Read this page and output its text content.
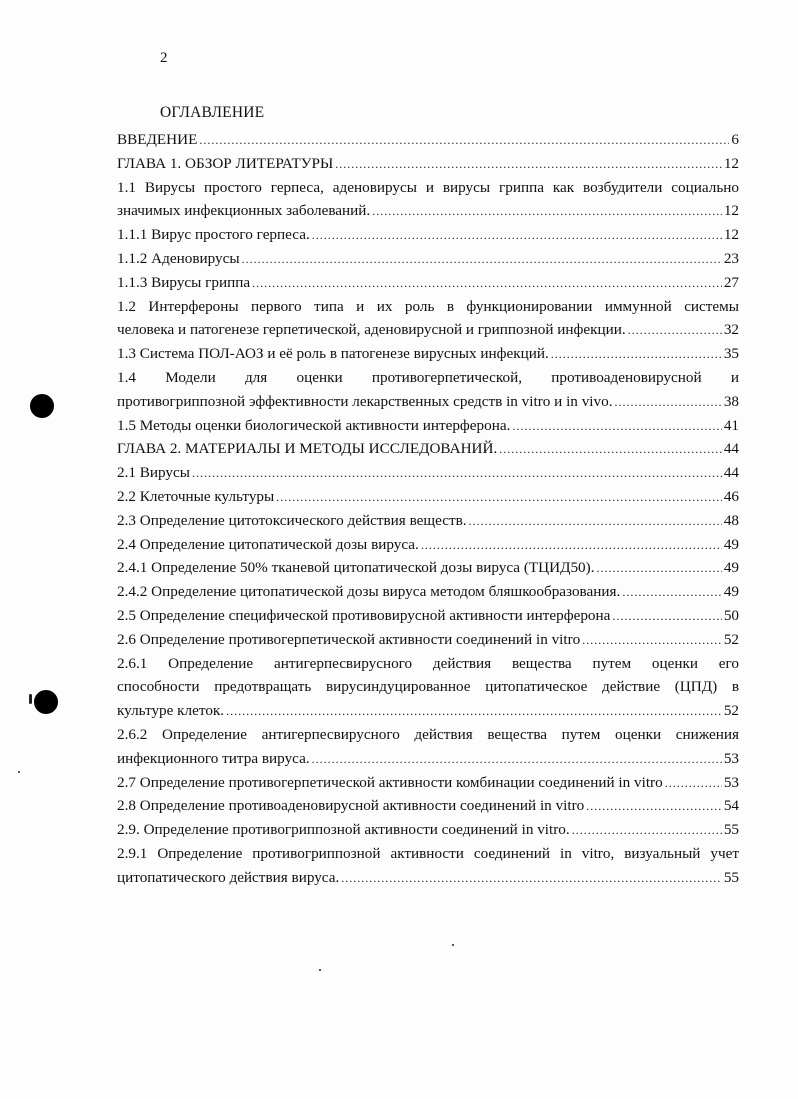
2
ОГЛАВЛЕНИЕ
ВВЕДЕНИЕ .....	6
ГЛАВА 1. ОБЗОР ЛИТЕРАТУРЫ .....	12
1.1 Вирусы простого герпеса, аденовирусы и вирусы гриппа как возбудители социально
значимых инфекционных заболеваний. .....	12
1.1.1 Вирус простого герпеса. .....	12
1.1.2 Аденовирусы .....	23
1.1.3 Вирусы гриппа .....	27
1.2 Интерфероны первого типа и их роль в функционировании иммунной системы
человека и патогенезе герпетической, аденовирусной и гриппозной инфекции. .....	32
1.3 Система ПОЛ-АОЗ и её роль в патогенезе вирусных инфекций. .....	35
1.4 Модели для оценки противогерпетической, противоаденовирусной и
противогриппозной эффективности лекарственных средств in vitro и in vivo. .....	38
1.5 Методы оценки биологической активности интерферона. .....	41
ГЛАВА 2. МАТЕРИАЛЫ И МЕТОДЫ ИССЛЕДОВАНИЙ. .....	44
2.1 Вирусы .....	44
2.2 Клеточные культуры .....	46
2.3 Определение цитотоксического действия веществ. .....	48
2.4 Определение цитопатической дозы вируса. .....	49
2.4.1 Определение 50% тканевой цитопатической дозы вируса (ТЦИД50). .....	49
2.4.2 Определение цитопатической дозы вируса методом бляшкообразования. .....	49
2.5 Определение специфической противовирусной активности интерферона .....	50
2.6 Определение противогерпетической активности соединений in vitro .....	52
2.6.1 Определение антигерпесвирусного действия вещества путем оценки его
способности предотвращать вирусиндуцированное цитопатическое действие (ЦПД) в
культуре клеток. .....	52
2.6.2 Определение антигерпесвирусного действия вещества путем оценки снижения
инфекционного титра вируса. .....	53
2.7 Определение противогерпетической активности комбинации соединений in vitro .....	53
2.8 Определение противоаденовирусной активности соединений in vitro .....	54
2.9. Определение противогриппозной активности соединений in vitro. .....	55
2.9.1 Определение противогриппозной активности соединений in vitro, визуальный учет
цитопатического действия вируса. .....	55
